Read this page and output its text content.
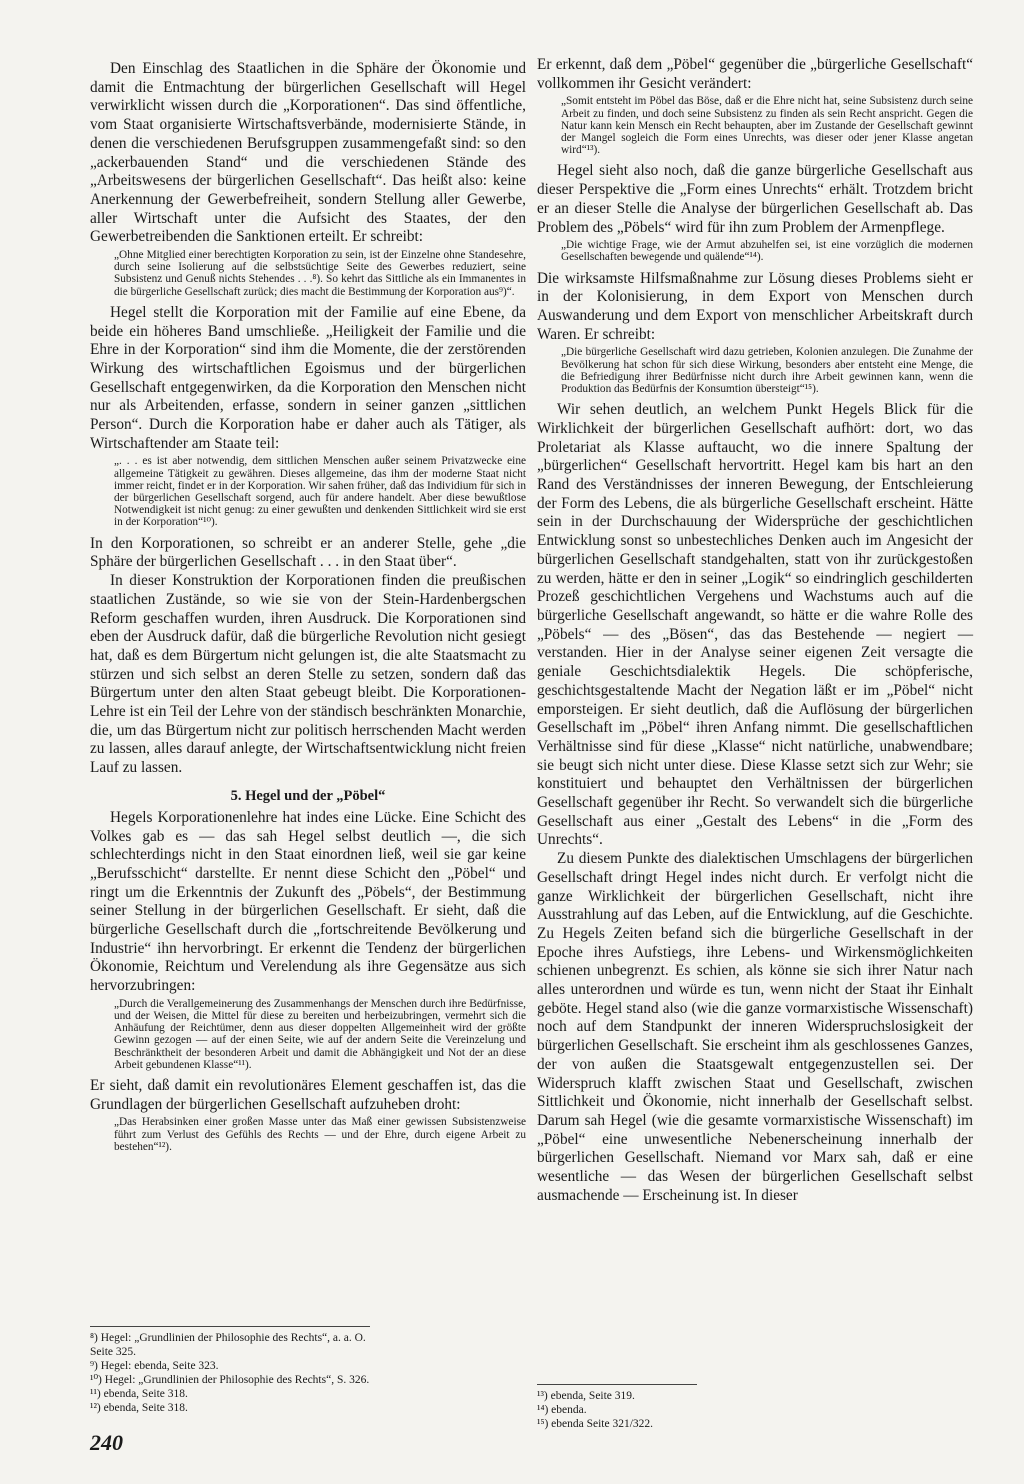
Den Einschlag des Staatlichen in die Sphäre der Ökonomie und damit die Entmachtung der bürgerlichen Gesellschaft will Hegel verwirklicht wissen durch die „Korporationen“. Das sind öffentliche, vom Staat organisierte Wirtschaftsverbände, modernisierte Stände, in denen die verschiedenen Berufsgruppen zusammengefaßt sind: so den „ackerbauenden Stand“ und die verschiedenen Stände des „Arbeitswesens der bürgerlichen Gesellschaft“. Das heißt also: keine Anerkennung der Gewerbefreiheit, sondern Stellung aller Gewerbe, aller Wirtschaft unter die Aufsicht des Staates, der den Gewerbetreibenden die Sanktionen erteilt. Er schreibt:

„Ohne Mitglied einer berechtigten Korporation zu sein, ist der Einzelne ohne Standesehre, durch seine Isolierung auf die selbstsüchtige Seite des Gewerbes reduziert, seine Subsistenz und Genuß nichts Stehendes . . .⁸). So kehrt das Sittliche als ein Immanentes in die bürgerliche Gesellschaft zurück; dies macht die Bestimmung der Korporation aus⁹)“.

Hegel stellt die Korporation mit der Familie auf eine Ebene, da beide ein höheres Band umschließe. „Heiligkeit der Familie und die Ehre in der Korporation“ sind ihm die Momente, die der zerstörenden Wirkung des wirtschaftlichen Egoismus und der bürgerlichen Gesellschaft entgegenwirken, da die Korporation den Menschen nicht nur als Arbeitenden, erfasse, sondern in seiner ganzen „sittlichen Person“. Durch die Korporation habe er daher auch als Tätiger, als Wirtschaftender am Staate teil:

„. . . es ist aber notwendig, dem sittlichen Menschen außer seinem Privatzwecke eine allgemeine Tätigkeit zu gewähren. Dieses allgemeine, das ihm der moderne Staat nicht immer reicht, findet er in der Korporation. Wir sahen früher, daß das Individium für sich in der bürgerlichen Gesellschaft sorgend, auch für andere handelt. Aber diese bewußtlose Notwendigkeit ist nicht genug: zu einer gewußten und denkenden Sittlichkeit wird sie erst in der Korporation“¹⁰).

In den Korporationen, so schreibt er an anderer Stelle, gehe „die Sphäre der bürgerlichen Gesellschaft . . . in den Staat über“.

In dieser Konstruktion der Korporationen finden die preußischen staatlichen Zustände, so wie sie von der Stein-Hardenbergschen Reform geschaffen wurden, ihren Ausdruck. Die Korporationen sind eben der Ausdruck dafür, daß die bürgerliche Revolution nicht gesiegt hat, daß es dem Bürgertum nicht gelungen ist, die alte Staatsmacht zu stürzen und sich selbst an deren Stelle zu setzen, sondern daß das Bürgertum unter den alten Staat gebeugt bleibt. Die Korporationen-Lehre ist ein Teil der Lehre von der ständisch beschränkten Monarchie, die, um das Bürgertum nicht zur politisch herrschenden Macht werden zu lassen, alles darauf anlegte, der Wirtschaftsentwicklung nicht freien Lauf zu lassen.

5. Hegel und der „Pöbel“

Hegels Korporationenlehre hat indes eine Lücke. Eine Schicht des Volkes gab es — das sah Hegel selbst deutlich —, die sich schlechterdings nicht in den Staat einordnen ließ, weil sie gar keine „Berufsschicht“ darstellte. Er nennt diese Schicht den „Pöbel“ und ringt um die Erkenntnis der Zukunft des „Pöbels“, der Bestimmung seiner Stellung in der bürgerlichen Gesellschaft. Er sieht, daß die bürgerliche Gesellschaft durch die „fortschreitende Bevölkerung und Industrie“ ihn hervorbringt. Er erkennt die Tendenz der bürgerlichen Ökonomie, Reichtum und Verelendung als ihre Gegensätze aus sich hervorzubringen:

„Durch die Verallgemeinerung des Zusammenhangs der Menschen durch ihre Bedürfnisse, und der Weisen, die Mittel für diese zu bereiten und herbeizubringen, vermehrt sich die Anhäufung der Reichtümer, denn aus dieser doppelten Allgemeinheit wird der größte Gewinn gezogen — auf der einen Seite, wie auf der andern Seite die Vereinzelung und Beschränktheit der besonderen Arbeit und damit die Abhängigkeit und Not der an diese Arbeit gebundenen Klasse“¹¹).

Er sieht, daß damit ein revolutionäres Element geschaffen ist, das die Grundlagen der bürgerlichen Gesellschaft aufzuheben droht:

„Das Herabsinken einer großen Masse unter das Maß einer gewissen Subsistenzweise führt zum Verlust des Gefühls des Rechts — und der Ehre, durch eigene Arbeit zu bestehen“¹²).

Er erkennt, daß dem „Pöbel“ gegenüber die „bürgerliche Gesellschaft“ vollkommen ihr Gesicht verändert:

„Somit entsteht im Pöbel das Böse, daß er die Ehre nicht hat, seine Subsistenz durch seine Arbeit zu finden, und doch seine Subsistenz zu finden als sein Recht anspricht. Gegen die Natur kann kein Mensch ein Recht behaupten, aber im Zustande der Gesellschaft gewinnt der Mangel sogleich die Form eines Unrechts, was dieser oder jener Klasse angetan wird“¹³).

Hegel sieht also noch, daß die ganze bürgerliche Gesellschaft aus dieser Perspektive die „Form eines Unrechts“ erhält. Trotzdem bricht er an dieser Stelle die Analyse der bürgerlichen Gesellschaft ab. Das Problem des „Pöbels“ wird für ihn zum Problem der Armenpflege.

„Die wichtige Frage, wie der Armut abzuhelfen sei, ist eine vorzüglich die modernen Gesellschaften bewegende und quälende“¹⁴).

Die wirksamste Hilfsmaßnahme zur Lösung dieses Problems sieht er in der Kolonisierung, in dem Export von Menschen durch Auswanderung und dem Export von menschlicher Arbeitskraft durch Waren. Er schreibt:

„Die bürgerliche Gesellschaft wird dazu getrieben, Kolonien anzulegen. Die Zunahme der Bevölkerung hat schon für sich diese Wirkung, besonders aber entsteht eine Menge, die die Befriedigung ihrer Bedürfnisse nicht durch ihre Arbeit gewinnen kann, wenn die Produktion das Bedürfnis der Konsumtion übersteigt“¹⁵).

Wir sehen deutlich, an welchem Punkt Hegels Blick für die Wirklichkeit der bürgerlichen Gesellschaft aufhört: dort, wo das Proletariat als Klasse auftaucht, wo die innere Spaltung der „bürgerlichen“ Gesellschaft hervortritt. Hegel kam bis hart an den Rand des Verständnisses der inneren Bewegung, der Entschleierung der Form des Lebens, die als bürgerliche Gesellschaft erscheint. Hätte sein in der Durchschauung der Widersprüche der geschichtlichen Entwicklung sonst so unbestechliches Denken auch im Angesicht der bürgerlichen Gesellschaft standgehalten, statt von ihr zurückgestoßen zu werden, hätte er den in seiner „Logik“ so eindringlich geschilderten Prozeß geschichtlichen Vergehens und Wachstums auch auf die bürgerliche Gesellschaft angewandt, so hätte er die wahre Rolle des „Pöbels“ — des „Bösen“, das das Bestehende — negiert — verstanden. Hier in der Analyse seiner eigenen Zeit versagte die geniale Geschichtsdialektik Hegels. Die schöpferische, geschichtsgestaltende Macht der Negation läßt er im „Pöbel“ nicht emporsteigen. Er sieht deutlich, daß die Auflösung der bürgerlichen Gesellschaft im „Pöbel“ ihren Anfang nimmt. Die gesellschaftlichen Verhältnisse sind für diese „Klasse“ nicht natürliche, unabwendbare; sie beugt sich nicht unter diese. Diese Klasse setzt sich zur Wehr; sie konstituiert und behauptet den Verhältnissen der bürgerlichen Gesellschaft gegenüber ihr Recht. So verwandelt sich die bürgerliche Gesellschaft aus einer „Gestalt des Lebens“ in die „Form des Unrechts“.

Zu diesem Punkte des dialektischen Umschlagens der bürgerlichen Gesellschaft dringt Hegel indes nicht durch. Er verfolgt nicht die ganze Wirklichkeit der bürgerlichen Gesellschaft, nicht ihre Ausstrahlung auf das Leben, auf die Entwicklung, auf die Geschichte. Zu Hegels Zeiten befand sich die bürgerliche Gesellschaft in der Epoche ihres Aufstiegs, ihre Lebens- und Wirkensmöglichkeiten schienen unbegrenzt. Es schien, als könne sie sich ihrer Natur nach alles unterordnen und würde es tun, wenn nicht der Staat ihr Einhalt geböte. Hegel stand also (wie die ganze vormarxistische Wissenschaft) noch auf dem Standpunkt der inneren Widerspruchslosigkeit der bürgerlichen Gesellschaft. Sie erscheint ihm als geschlossenes Ganzes, der von außen die Staatsgewalt entgegenzustellen sei. Der Widerspruch klafft zwischen Staat und Gesellschaft, zwischen Sittlichkeit und Ökonomie, nicht innerhalb der Gesellschaft selbst. Darum sah Hegel (wie die gesamte vormarxistische Wissenschaft) im „Pöbel“ eine unwesentliche Nebenerscheinung innerhalb der bürgerlichen Gesellschaft. Niemand vor Marx sah, daß er eine wesentliche — das Wesen der bürgerlichen Gesellschaft selbst ausmachende — Erscheinung ist. In dieser

⁸) Hegel: „Grundlinien der Philosophie des Rechts“, a. a. O. Seite 325.
⁹) Hegel: ebenda, Seite 323.
¹⁰) Hegel: „Grundlinien der Philosophie des Rechts“, S. 326.
¹¹) ebenda, Seite 318.
¹²) ebenda, Seite 318.
¹³) ebenda, Seite 319.
¹⁴) ebenda.
¹⁵) ebenda Seite 321/322.
240
